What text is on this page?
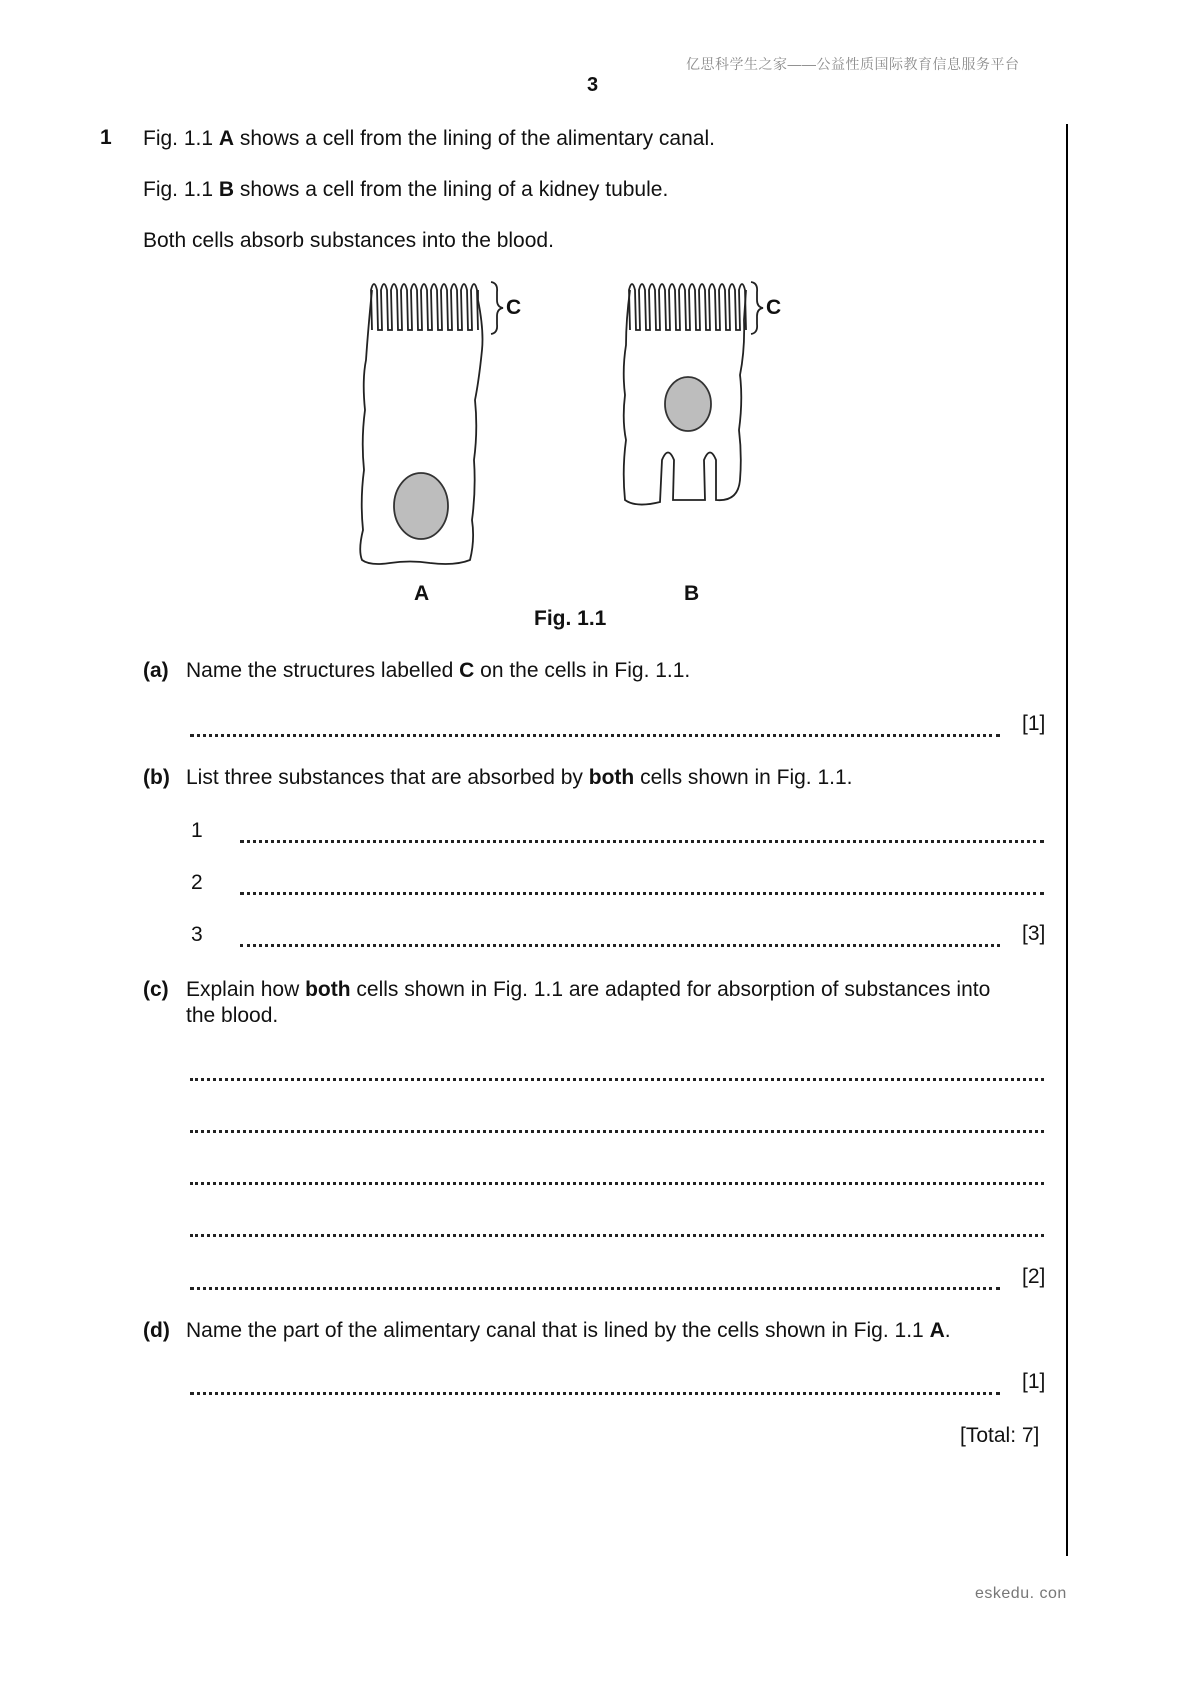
亿思科学生之家——公益性质国际教育信息服务平台
3
1 Fig. 1.1 A shows a cell from the lining of the alimentary canal.
Fig. 1.1 B shows a cell from the lining of a kidney tubule.
Both cells absorb substances into the blood.
C	C
A	B
Fig. 1.1
(a) Name the structures labelled C on the cells in Fig. 1.1.
[1]
(b) List three substances that are absorbed by both cells shown in Fig. 1.1.
1
2
3	[3]
(c) Explain how both cells shown in Fig. 1.1 are adapted for absorption of substances into
the blood.
[2]
(d) Name the part of the alimentary canal that is lined by the cells shown in Fig. 1.1 A.
[1]
[Total: 7]
eskedu. con
